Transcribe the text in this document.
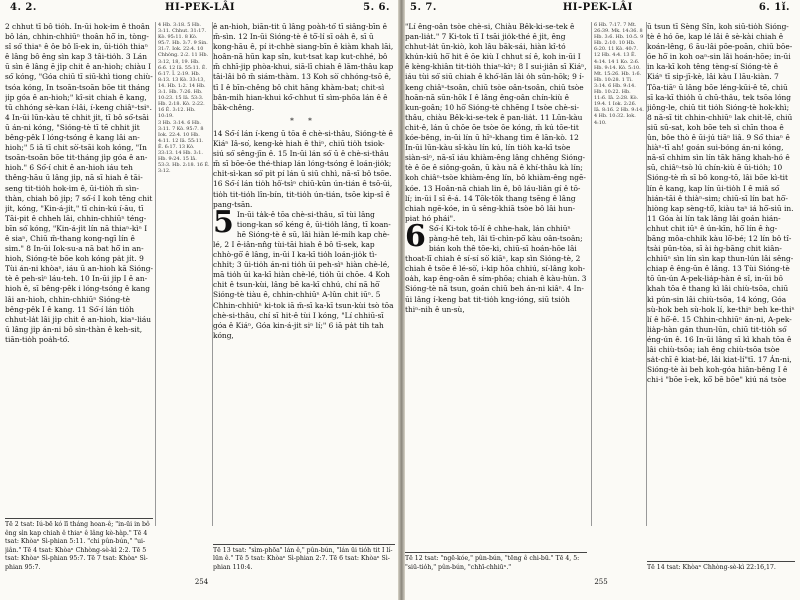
4. 2.	HI-PEK-LÂI	5. 6. 5. 7.	HI-PEK-LÂI	6. 1ǐ.

2 chhut tī bô tióh. In-ūi hok-im ê thoân bô lán, chhin-chhiūⁿ thoân hō͘ in, tòng-sî só͘ thiaⁿ ê ôe bô lī-ek in, ūi-tio̍h thiaⁿ ê lâng bô êng sìn kap 3 tâi-tio̍h. 3 Lán ū sìn ê lâng ē ji̍p chit ê an-hioh; chiàu I só͘ kóng, "Góa chiū tī siū-khì tiong chiù-tsóa kóng, In tsoān-tsoān bōe tit tháng ji̍p góa ê an-hioh;" kî-sit chiah ê kang, tū chhóng sè-kan í-lâi, í-keng chiâⁿ-tsiⁿ. 4 In-ūi lūn-kàu tē chhit ji̍t, tī bô só͘-tsāi ū án-ni kóng, "Sióng-tè tī tē chhit ji̍t bêng-pêk I lóng-tsóng ê kang lâi an-hioh;" 5 iā tī chit sò͘-tsāi koh kóng, "In tsoān-tsoān bōe tit-tháng ji̍p góa ê an-hioh." 6 Só͘-í chit ê an-hioh iáu teh thêng-hāu ū lâng ji̍p, nā sī hiah ê tāi-seng tit-tio̍h hok-im ê, ūi-tio̍h m̄ sìn-thàn, chiah bô ji̍p; 7 só͘-í I koh tēng chit ji̍t, kóng, "Kin-á-ji̍t," tī chin-kú í-āu, tī Tāi-pit ê chheh lāi, chhin-chhiūⁿ téng-bīn só͘ kóng, "Kin-á-ji̍t lín nā thiaⁿ-kìⁿ I ê siaⁿ, Chiū m̄-thang kong-ngī lín ê sim." 8 In-ūi Iok-su-a nā bat hō͘ in an-hioh, Sióng-tè bōe koh kóng pa̍t ji̍t. 9 Tùi án-ni khòaⁿ, iáu ū an-hioh kā Sióng-tè ê peh-sìⁿ láu-teh. 10 In-ūi ji̍p I ê an-hioh ê, sī bêng-pêk i lóng-tsóng ê kang lâi an-hioh, chhin-chhiūⁿ Sióng-tè bêng-pêk I ê kang. 11 Só͘-í lán tio̍h chhut-la̍t lâi ji̍p chit ê an-hioh, kiaⁿ-liáu ū lâng ji̍p án-ni bô sìn-thàn ê keh-sit, tiān-tio̍h poa̍h-tó͘.

4 Hb. 3:18. 5 Hb. 3:11. Chhut. 31:17. Kò. 95:11. 8 Kò. 95:7. Hb. 3:7. 9 Sin. 31:7. Iok. 22:4. 10 Chhòng. 2:2. 11 Hb. 3:12, 18, 19. Hb. 6:6. 12 Iâ. 55:11. Ê. 6:17. Ī. 2:19. Hb. 8:13. 13 Kò. 33:13, 14. Hb. 1:2. 14 Hb. 3:1. Hb. 7:26. Hb. 10:23. 15 Iâ. 53:3. Hb. 2:18. Kò. 2:22. 16 Ê. 3:12. Hb. 10:19.

3 Hb. 3:14. 6 Hb. 3:11. 7 Kò. 95:7. 8 Iok. 22:4. 10 Hb. 4:11. 12 Iâ. 55:11. Ê. 6:17. 13 Kò. 33:13. 14 Hb. 3:1. Hb. 9:24. 15 Iâ. 53:3. Hb. 2:18. 16 Ê. 3:12.

ê an-hioh, biān-tit ū lâng poàh-tó͘ tī siâng-bīn ê m̄-sìn. 12 In-ūi Sióng-tè ê tō͘-lí sī oa̍h ê, sī ū kong-hāu ê, pí it-chhè siang-bīn ê kiàm khah lāi, hoân-nā hūn kap sîn, kut-tsat kap kut-chhé, bô m̄ chhī-jip phòa-khui, siā-lī chiah ê lām-thâu kap tāi-lâi bô m̄ siám-thàm. 13 Koh sò͘ chhóng-tsō ê, tī I ê bīn-chêng bô chit hāng khàm-bat; chit-sì bân-mi̍h hian-khui kó͘-chhut tī sìm-phōa lán ê ê bāk-chêng.

* *

14 Só͘-í lán í-keng ū tōa ê chè-si-thâu, Sióng-tè ê Kiáⁿ Iâ-so͘, keng-kè hiah ê thiⁿ, chiū tio̍h tsiok-siú só͘ sêng-jīn ê. 15 In-ūi lán só͘ ū ê chè-si-thâu m̄ sī bōe-ōe thé-thiap lán lóng-tsóng ê loán-jio̍k; chi̍t-sì-kan só͘ pi̍t pí lán ū siū chhì, nā-sī bô tsōe. 16 Só͘-í lán tio̍h hô͘-tsìⁿ chiū-kūn ún-tián ê tsō-ūi, tio̍h tit-tio̍h lîn-bín, tit-tio̍h ún-tián, tsōe kip-sî ê pang-tsān.

5 In-ūi ta̍k-ê tōa chè-si-thâu, sī tùi lâng tiong-kan só͘ kéng ê, ūi-tio̍h lâng, tī koan-hē Sióng-tè ê sū, lâi hiàn lé-mi̍h kap chè-lé, 2 I ē-iân-nn̂g tùi-tāi hiah ê bô tī-sek, kap chhò-gō͘ ê lâng, in-ūi I ka-kī tio̍h loán-jio̍k tì-chhi̍t; 3 ūi-tio̍h án-ni tio̍h ūi peh-sìⁿ hiàn chè-lé, mā tio̍h ūi ka-kī hiàn chè-lé, tio̍h ūi chōe. 4 Koh chit ê tsun-kùi, lâng bē ka-kī chhú, chí nā hō͘ Sióng-tè tiàu ê, chhin-chhiūⁿ A-lûn chit iūⁿ. 5 Chhin-chhiūⁿ ki-tok iā m̄-sī ka-kī tsun-kùi tsò tōa chè-si-thâu, chí sī hit-ê tùi I kóng, "Lí chhiū-sī góa ê Kiáⁿ, Góa kin-á-ji̍t siⁿ lí;" 6 iā pa̍t tih tah kóng,

Tē 2 tsat: Iú-bē kó lī tháng hoan-ê; "in-ūi in bô êng sìn kap chiah ê thiaⁿ ê lâng kè-hàp." Tē 4 tsat: Khòaⁿ Sì-phian 5:11. "chi pûn-bún," "ui-jiân." Tē 4 tsat: Khòaⁿ Chhòng-sè-kì 2:2. Tē 5 tsat: Khòaⁿ Sì-phian 95:7. Tē 7 tsat: Khòaⁿ Sì-phian 95:7.
Tē 13 tsat: "sìm-phōa" lán ê," pûn-bún, "lán ūi tio̍h tit I lí-lūn ê." Tē 5 tsat: Khòaⁿ Sì-phian 2:7. Tē 6 tsat: Khòaⁿ Sì-phian 110:4.
254

"Lí êng-oân tsòe chè-si, Chiàu Bêk-ki-se-tek ê pan-lia̍t." 7 Ki-tok tī I tsāi jio̍k-thé ê ji̍t, êng chhut-la̍t ūn-kiò, koh lâu bāk-sái, hiàn kî-tó khún-kiû hō͘ hit ê ōe kiù I chhut sí ê, koh in-ūi I ê kèng-khiân tit-tio̍h thiaⁿ-kìⁿ; 8 I sui-jiân sī Kiáⁿ, iáu tùi só͘ siū chiah ê khó͘-lān lâi o̍h sūn-hōk; 9 í-keng chiâⁿ-tsoân, chiū tsòe oân-tsoân, chiū tsòe hoān-nā sūn-hōk I ê lâng êng-oân chín-kiù ê kun-goân; 10 hō͘ Sióng-tè chhēng I tsòe chè-si-thâu, chiàu Bêk-ki-se-tek ê pan-lia̍t. 11 Lūn-kàu chit-ê, lán ū chōe ōe tsòe ōe kóng, m̄ kú tōe-tit kóe-bêng, in-ūi lín ū hīⁿ-khang tìm ê lān-kò. 12 In-ūi lūn-kàu sî-kàu lín kú, lín tio̍h ka-kī tsòe siàn-sìⁿ, nā-sī iáu khiàm-êng lâng chhēng Sióng-tè ê ōe ê siông-goân, ū kàu nā ê khí-thâu kà lín; koh chiâⁿ-tsòe khiàm-êng lín, bô khiàm-êng ngē-kóe. 13 Hoân-nā chiah lin ê, bô láu-liân gí ê tō-lí; in-ūi I sī ê-á. 14 Tōk-tōk thang tsēng ê lâng chiah ngē-kóe, in ū sêng-khiā tsòe bô lâi hun-piat hó phái".

6 Só͘-í Ki-tok tō-lí ê chhe-hak, lán chhiūⁿ pàng-hē teh, lâi tī-chìn-pō͘ kàu oân-tsoân; bián koh thê tōe-ki, chiū-sī hoán-hōe lâi thoat-lī chiah ê sí-sí sò͘ kiāⁿ, kap sìn Sióng-tè, 2 chiah ê tsōe ê lé-sò͘, i-kip hōa chhiú, sí-lâng koh-oa̍h, kap êng-oân ê sím-phōa; chiah ê kàu-hùn. 3 Sióng-tè nā tsun, goán chiū beh án-ni kiâⁿ. 4 In-ūi lâng í-keng bat tit-tio̍h kng-ióng, siū tsio̍h thiⁿ-nih ê un-sù,

6 Hb. 7:17. 7 Mt. 26:39. Mk. 14:36. 8 Hb. 3:6. Hb. 10:5. 9 Hb. 2:10. 10 Hb. 6:20. 11 Kò. 40:7. 12 Hb. 4:4. 13 Ê. 4:14. 14 1 Ko. 2:6. Hb. 9:14. Kò. 5:10. Mt. 15:26. Hb. 1:6. Hb. 10:28. 1 Ti. 3:14. 6 Hb. 9:14. Hb. 10:22. Hb. 11:6. Iā. 2:28. Kò. 19:4. 1 Iok. 2:26. Iā. 8:16. 2 Hb. 9:14. 4 Hb. 10:32. Iok. 4:10.

ū tsun tī Sèng Sîn, koh siū-tio̍h Sióng-tè ê hó ōe, kap lé lâi ê sè-kài chiah ê koán-lêng, 6 āu-lâi pōe-poān, chiū bōe-ōe hō͘ in koh oaⁿ-sin lâi hoán-hōe; in-ūi in ka-kī koh têng tèng-sí Sióng-tè ê Kiáⁿ tī si̍p-jī-kè, lâi kàu I lāu-kiàn. 7 Tōa-tiāⁿ ū lâng bōe léng-kūi-ê tē, chiū sī ka-kī thio̍h ū chū-thâu, tek tsōa lóng jiông-le, chiū tit tio̍h Sióng-tè hok-khì; 8 nā-sī tit chhin-chhiūⁿ lak chit-lē, chiū siū sū-sat, koh bōe teh sì chīn thoa ê ûn, bôe thò ê ūi-jú tiāⁿ liâ. 9 Só͘ thiaⁿ ê hiàⁿ-tī ah! goán sui-bóng án-ni kóng, nā-sī chhim sìn lín tāk hāng khah-hó ê sū, chiâⁿ-tsò lú chín-kiù ê ūi-tio̍h; 10 Sióng-tè m̄ sī bô kong-tō, lâi bōe kì-tit lín ê kang, kap lín ūi-tio̍h I ê miâ só͘ hián-tāi ê thiàⁿ-sim; chiū-sī lín bat hō͘-hiòng kap sèng-tô͘, kiàu taⁿ iá hō͘-siū in. 11 Góa ài lín tak lâng lâi goán hián-chhut chit iūⁿ ê ún-kīn, hō͘ lín ê ǹg-bāng môa-chhik kàu lō͘-bé; 12 lín bô tî-tsài pūn-tòa, sī ài ǹg-bāng chit kiân-chhiūⁿ sìn lín sìn kap thun-lún lâi sêng-chiap ê êng-ūn ê lâng. 13 Tùi Sióng-tè tō ūn-ún A-pek-lia̍p-hàn ê sî, in-ūi bô khah tōa ê thang kì lâi chiù-tsōa, chiū kì pún-sin lâi chiù-tsōa, 14 kóng, Góa sù-hok beh sù-hok lí, ke-thiⁿ beh ke-thiⁿ lí ê hō͘-ê. 15 Chhin-chhiūⁿ án-ni, A-pek-lia̍p-hàn gán thun-lūn, chiū tit-tio̍h só͘ éng-ún ê. 16 In-ūi lâng sī kì khah tōa ê lâi chiù-tsōa; iah êng chiù-tsōa tsòe sa̍t-chī ê kiat-bé, lâi kiat-lí"tī. 17 Án-ni, Sióng-tè ài beh koh-góa hiân-bêng I ê chi-i "bōe ī-ek, kō͘ bē bōe" kiú ná tsòe

Tē 12 tsat: "ngē-kóe," pûn-bún, "tēng ê chi-bū." Tē 4, 5: "siū-tio̍h," pûn-bún, "chhī-chhiūⁿ."	Tē 14 tsat: Khòaⁿ Chhòng-sè-kì 22:16,17.
255
